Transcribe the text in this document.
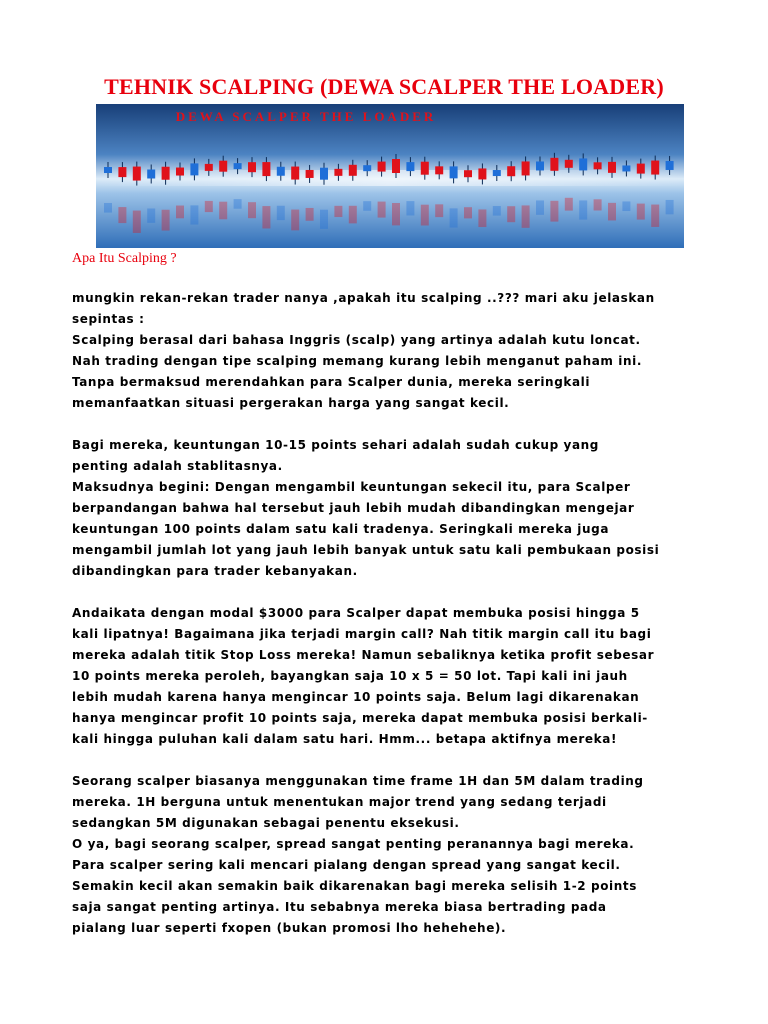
TEHNIK SCALPING (DEWA SCALPER THE LOADER)
DEWA SCALPER THE LOADER
Apa Itu Scalping ?

mungkin rekan-rekan trader nanya ,apakah itu scalping ..??? mari aku jelaskan
sepintas :
Scalping berasal dari bahasa Inggris (scalp) yang artinya adalah kutu loncat.
Nah trading dengan tipe scalping memang kurang lebih menganut paham ini.
Tanpa bermaksud merendahkan para Scalper dunia, mereka seringkali
memanfaatkan situasi pergerakan harga yang sangat kecil.

Bagi mereka, keuntungan 10-15 points sehari adalah sudah cukup yang
penting adalah stablitasnya.
Maksudnya begini: Dengan mengambil keuntungan sekecil itu, para Scalper
berpandangan bahwa hal tersebut jauh lebih mudah dibandingkan mengejar
keuntungan 100 points dalam satu kali tradenya. Seringkali mereka juga
mengambil jumlah lot yang jauh lebih banyak untuk satu kali pembukaan posisi
dibandingkan para trader kebanyakan.

Andaikata dengan modal $3000 para Scalper dapat membuka posisi hingga 5
kali lipatnya! Bagaimana jika terjadi margin call? Nah titik margin call itu bagi
mereka adalah titik Stop Loss mereka! Namun sebaliknya ketika profit sebesar
10 points mereka peroleh, bayangkan saja 10 x 5 = 50 lot. Tapi kali ini jauh
lebih mudah karena hanya mengincar 10 points saja. Belum lagi dikarenakan
hanya mengincar profit 10 points saja, mereka dapat membuka posisi berkali-
kali hingga puluhan kali dalam satu hari. Hmm... betapa aktifnya mereka!

Seorang scalper biasanya menggunakan time frame 1H dan 5M dalam trading
mereka. 1H berguna untuk menentukan major trend yang sedang terjadi
sedangkan 5M digunakan sebagai penentu eksekusi.
O ya, bagi seorang scalper, spread sangat penting peranannya bagi mereka.
Para scalper sering kali mencari pialang dengan spread yang sangat kecil.
Semakin kecil akan semakin baik dikarenakan bagi mereka selisih 1-2 points
saja sangat penting artinya. Itu sebabnya mereka biasa bertrading pada
pialang luar seperti fxopen (bukan promosi lho hehehehe).
